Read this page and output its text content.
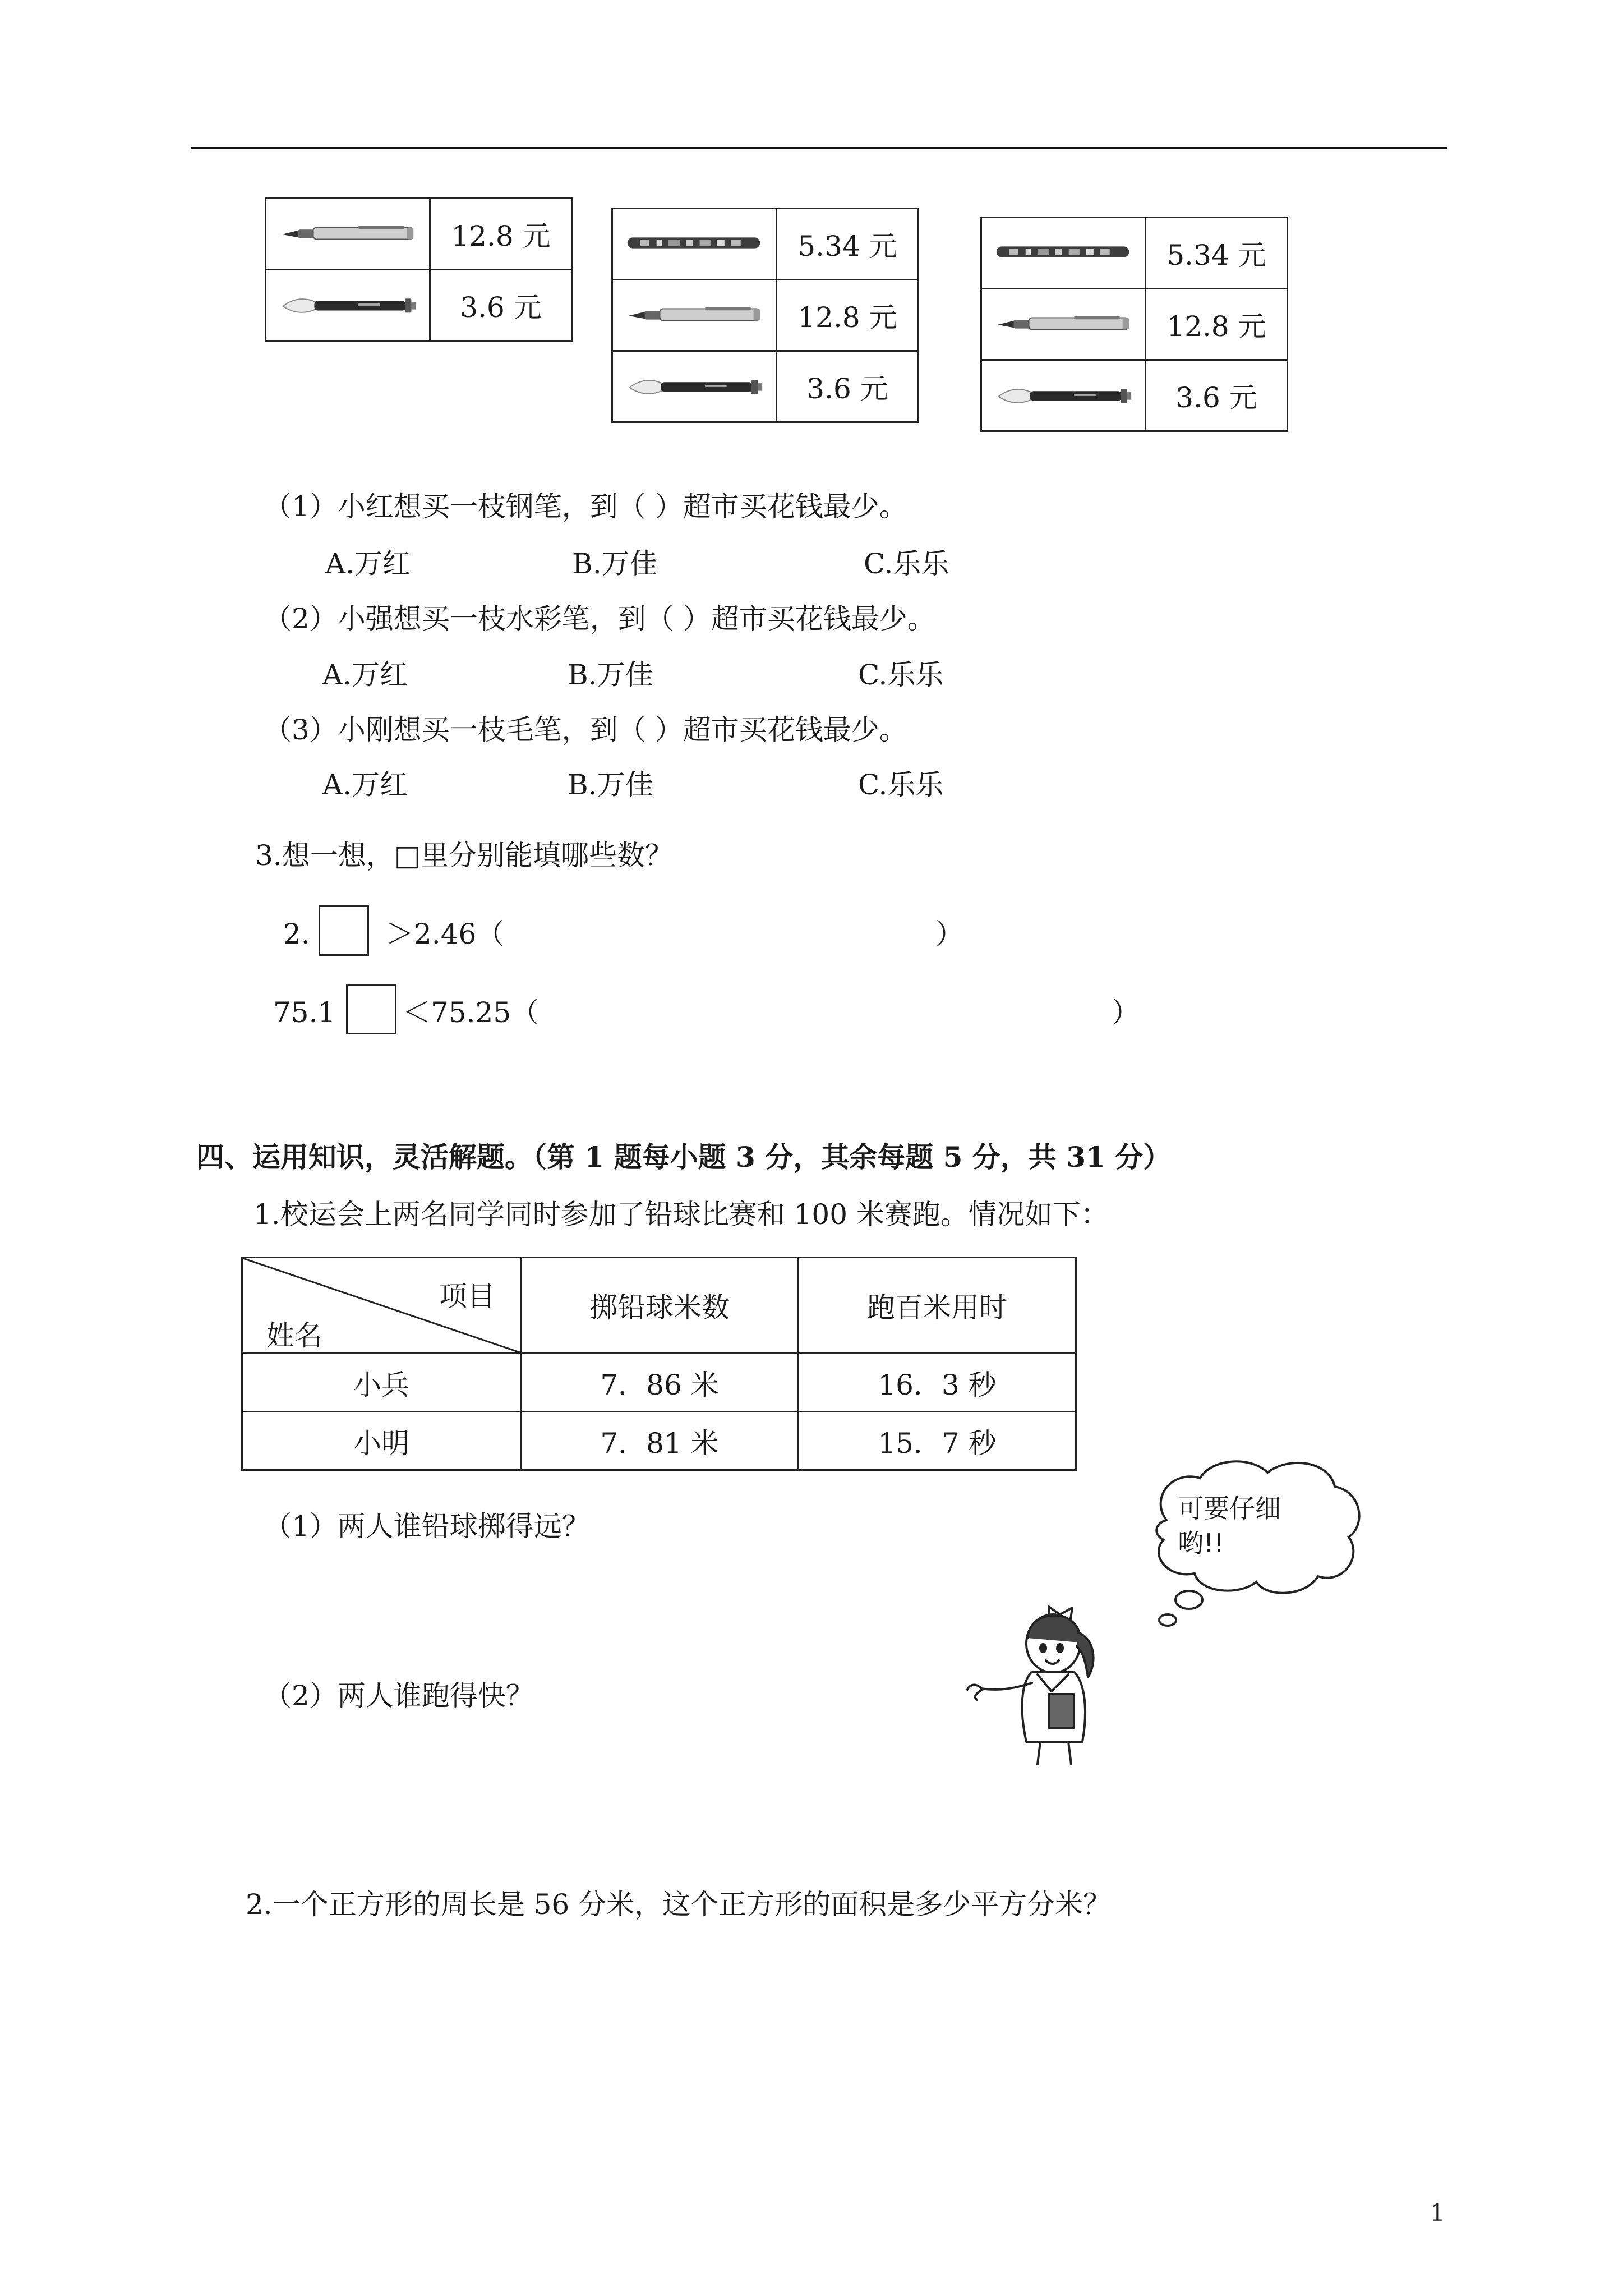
	12.8 元
	3.6 元
	5.34 元
	12.8 元
	3.6 元
	5.34 元
	12.8 元
	3.6 元
（1）小红想买一枝钢笔，到（ ）超市买花钱最少。
A.万红	B.万佳	C.乐乐
（2）小强想买一枝水彩笔，到（ ）超市买花钱最少。
A.万红	B.万佳	C.乐乐
（3）小刚想买一枝毛笔，到（ ）超市买花钱最少。
A.万红	B.万佳	C.乐乐
3.想一想，□里分别能填哪些数？
2.	＞2.46（	）
75.1 ＜75.25（	）
四、运用知识，灵活解题。（第 1 题每小题 3 分，其余每题 5 分，共 31 分）
1.校运会上两名同学同时参加了铅球比赛和 100 米赛跑。情况如下：
项目
姓名	掷铅球米数	跑百米用时
小兵	7．86 米	16．3 秒
小明	7．81 米	15．7 秒
（1）两人谁铅球掷得远？
（2）两人谁跑得快？
可要仔细
哟!!
2.一个正方形的周长是 56 分米，这个正方形的面积是多少平方分米？
1
